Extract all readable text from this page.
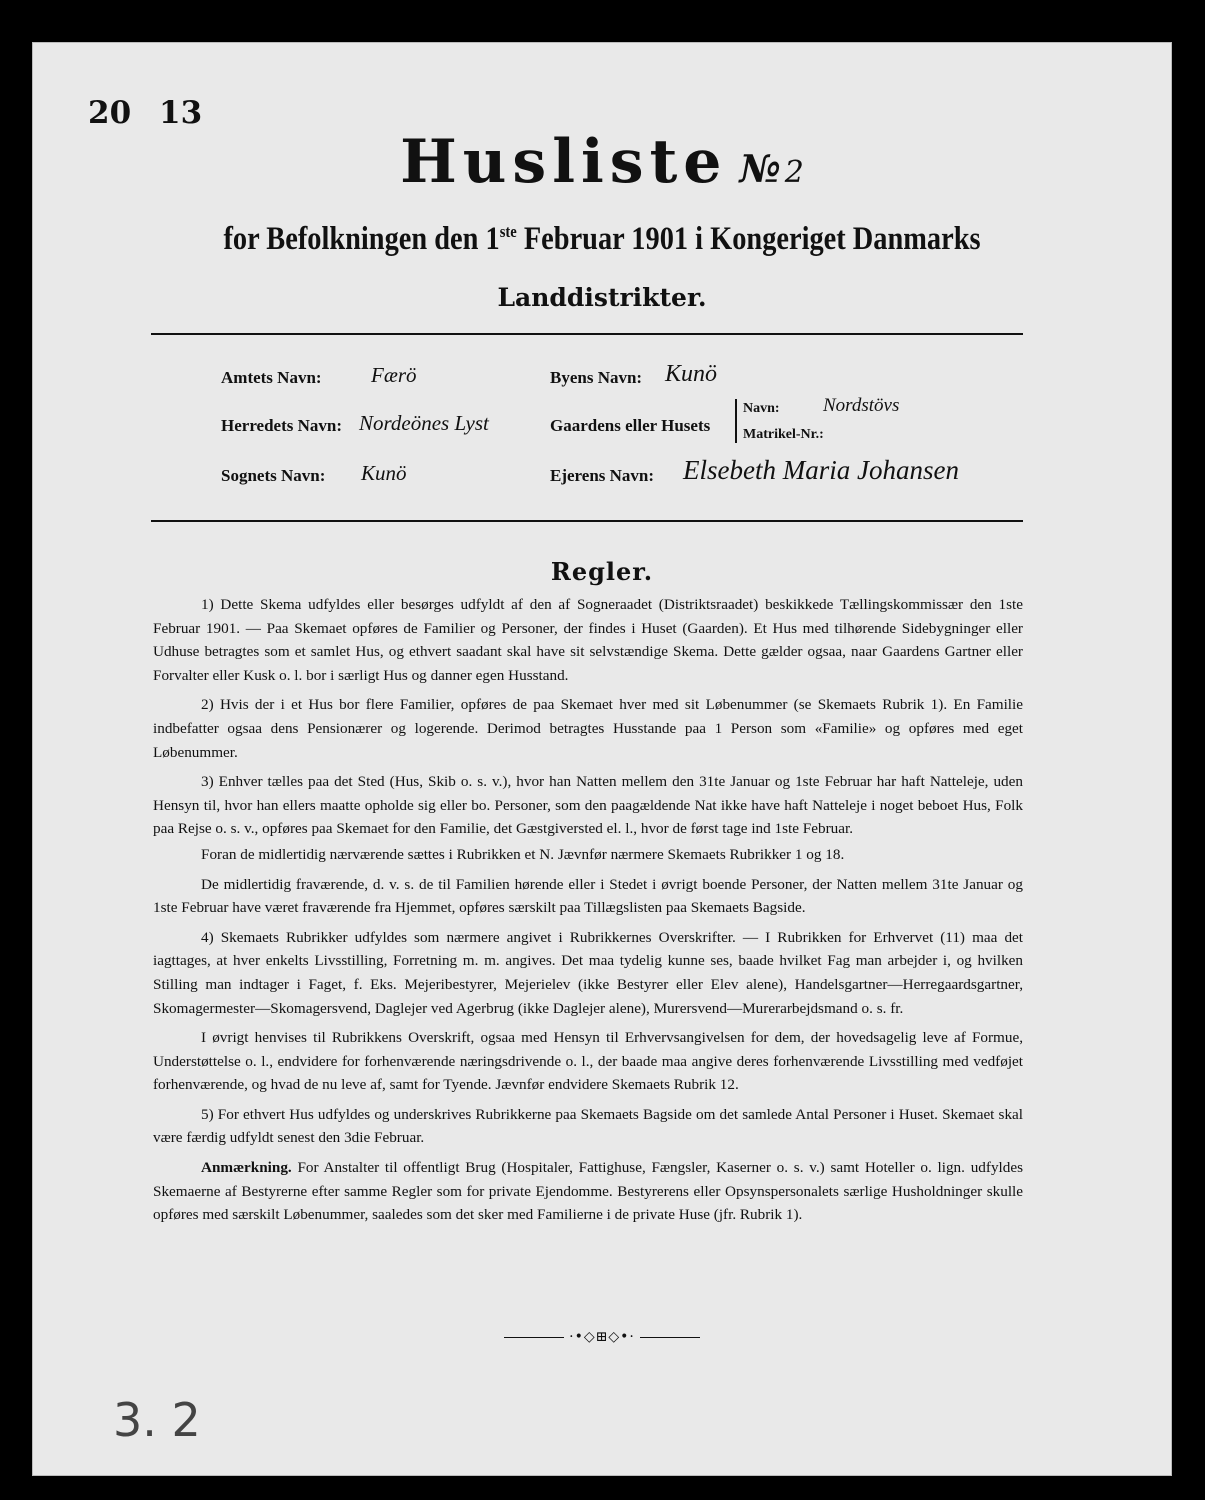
20 13
Husliste № 2
for Befolkningen den 1ste Februar 1901 i Kongeriget Danmarks
Landdistrikter.
Amtets Navn: Færö	Byens Navn: Kunö
Herredets Navn: Nordeönes Lyst	Gaardens eller Husets
Navn: Nordstövs
Matrikel-Nr.:
Sognets Navn: Kunö	Ejerens Navn: Elsebeth Maria Johansen
Regler.

1) Dette Skema udfyldes eller besørges udfyldt af den af Sogneraadet (Distriktsraadet) beskikkede Tællingskommissær den 1ste Februar 1901. — Paa Skemaet opføres de Familier og Personer, der findes i Huset (Gaarden). Et Hus med tilhørende Sidebygninger eller Udhuse betragtes som et samlet Hus, og ethvert saadant skal have sit selvstændige Skema. Dette gælder ogsaa, naar Gaardens Gartner eller Forvalter eller Kusk o. l. bor i særligt Hus og danner egen Husstand.

2) Hvis der i et Hus bor flere Familier, opføres de paa Skemaet hver med sit Løbenummer (se Skemaets Rubrik 1). En Familie indbefatter ogsaa dens Pensionærer og logerende. Derimod betragtes Husstande paa 1 Person som «Familie» og opføres med eget Løbenummer.

3) Enhver tælles paa det Sted (Hus, Skib o. s. v.), hvor han Natten mellem den 31te Januar og 1ste Februar har haft Natteleje, uden Hensyn til, hvor han ellers maatte opholde sig eller bo. Personer, som den paagældende Nat ikke have haft Natteleje i noget beboet Hus, Folk paa Rejse o. s. v., opføres paa Skemaet for den Familie, det Gæstgiversted el. l., hvor de først tage ind 1ste Februar.

Foran de midlertidig nærværende sættes i Rubrikken et N. Jævnfør nærmere Skemaets Rubrikker 1 og 18.

De midlertidig fraværende, d. v. s. de til Familien hørende eller i Stedet i øvrigt boende Personer, der Natten mellem 31te Januar og 1ste Februar have været fraværende fra Hjemmet, opføres særskilt paa Tillægslisten paa Skemaets Bagside.

4) Skemaets Rubrikker udfyldes som nærmere angivet i Rubrikkernes Overskrifter. — I Rubrikken for Erhvervet (11) maa det iagttages, at hver enkelts Livsstilling, Forretning m. m. angives. Det maa tydelig kunne ses, baade hvilket Fag man arbejder i, og hvilken Stilling man indtager i Faget, f. Eks. Mejeribestyrer, Mejerielev (ikke Bestyrer eller Elev alene), Handelsgartner—Herregaardsgartner, Skomagermester—Skomagersvend, Daglejer ved Agerbrug (ikke Daglejer alene), Murersvend—Murerarbejdsmand o. s. fr.

I øvrigt henvises til Rubrikkens Overskrift, ogsaa med Hensyn til Erhvervsangivelsen for dem, der hovedsagelig leve af Formue, Understøttelse o. l., endvidere for forhenværende næringsdrivende o. l., der baade maa angive deres forhenværende Livsstilling med vedføjet forhenværende, og hvad de nu leve af, samt for Tyende. Jævnfør endvidere Skemaets Rubrik 12.

5) For ethvert Hus udfyldes og underskrives Rubrikkerne paa Skemaets Bagside om det samlede Antal Personer i Huset. Skemaet skal være færdig udfyldt senest den 3die Februar.

Anmærkning. For Anstalter til offentligt Brug (Hospitaler, Fattighuse, Fængsler, Kaserner o. s. v.) samt Hoteller o. lign. udfyldes Skemaerne af Bestyrerne efter samme Regler som for private Ejendomme. Bestyrerens eller Opsynspersonalets særlige Husholdninger skulle opføres med særskilt Løbenummer, saaledes som det sker med Familierne i de private Huse (jfr. Rubrik 1).

·•◇⊞◇•·
3. 2
